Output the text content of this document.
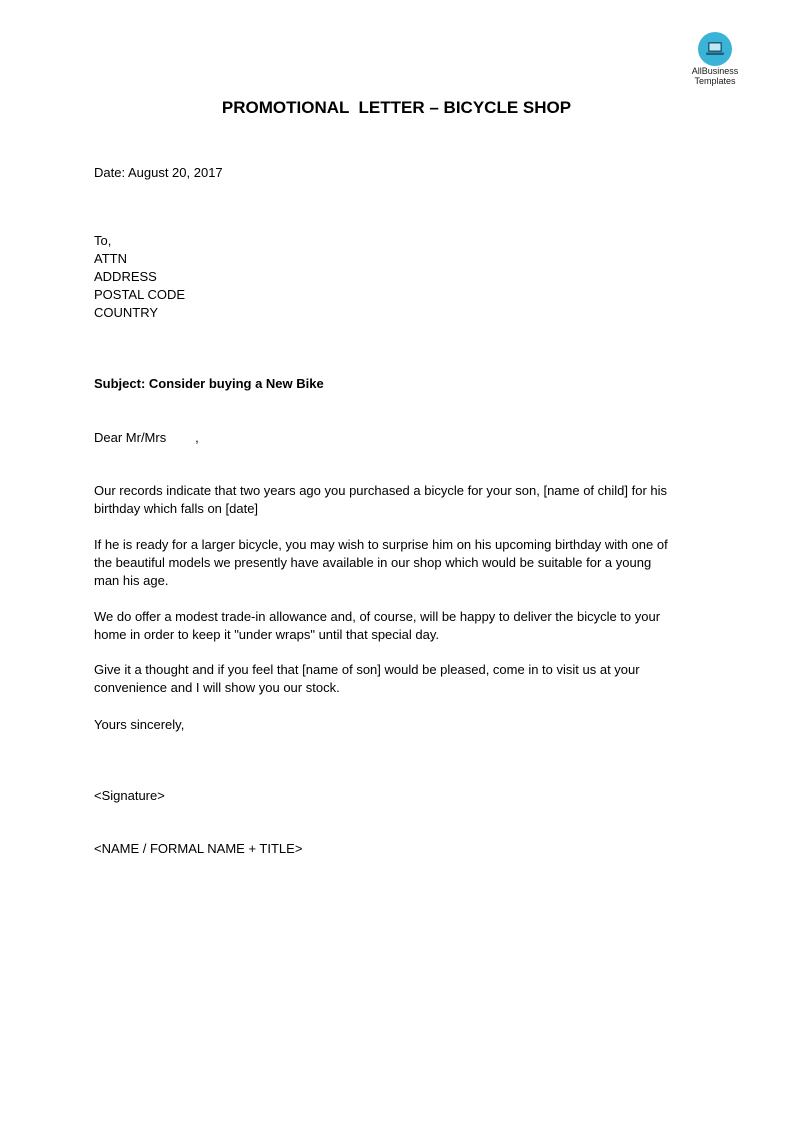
AllBusiness
Templates
PROMOTIONAL  LETTER – BICYCLE SHOP
Date: August 20, 2017
To,
ATTN
ADDRESS
POSTAL CODE
COUNTRY
Subject: Consider buying a New Bike
Dear Mr/Mrs        ,
Our records indicate that two years ago you purchased a bicycle for your son, [name of child] for his
birthday which falls on [date]
If he is ready for a larger bicycle, you may wish to surprise him on his upcoming birthday with one of
the beautiful models we presently have available in our shop which would be suitable for a young
man his age.
We do offer a modest trade-in allowance and, of course, will be happy to deliver the bicycle to your
home in order to keep it "under wraps" until that special day.
Give it a thought and if you feel that [name of son] would be pleased, come in to visit us at your
convenience and I will show you our stock.
Yours sincerely,
<Signature>
<NAME / FORMAL NAME + TITLE>
